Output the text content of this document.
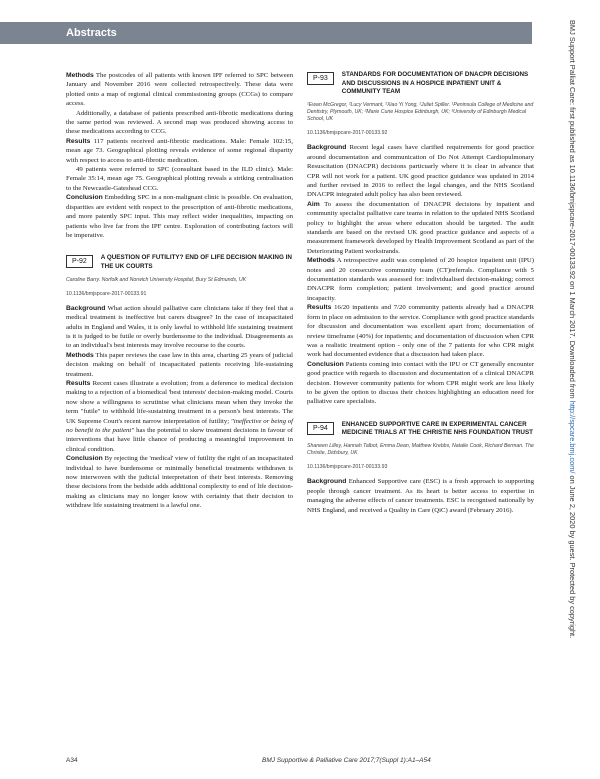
Abstracts

Methods The postcodes of all patients with known IPF referred to SPC between January and November 2016 were collected retrospectively. These data were plotted onto a map of regional clinical commissioning groups (CCGs) to compare access.

Additionally, a database of patients prescribed anti-fibrotic medications during the same period was reviewed. A second map was produced showing access to these medications according to CCG.

Results 117 patients received anti-fibrotic medications. Male: Female 102:15, mean age 73. Geographical plotting reveals evidence of some regional disparity with respect to access to anti-fibrotic medication.

49 patients were referred to SPC (consultant based in the ILD clinic). Male: Female 35:14, mean age 75. Geographical plotting reveals a striking centralisation to the Newcastle-Gateshead CCG.

Conclusion Embedding SPC in a non-malignant clinic is possible. On evaluation, disparities are evident with respect to the prescription of anti-fibrotic medications, and more patently SPC input. This may reflect wider inequalities, impacting on patients who live far from the IPF centre. Exploration of contributing factors will be imperative.

P-92
A QUESTION OF FUTILITY? END OF LIFE DECISION MAKING IN THE UK COURTS
Caroline Barry. Norfolk and Norwich University Hospital, Bury St Edmunds, UK
10.1136/bmjspcare-2017-00133.91

Background What action should palliative care clinicians take if they feel that a medical treatment is ineffective but carers disagree? In the case of incapacitated adults in England and Wales, it is only lawful to withhold life sustaining treatment is it is judged to be futile or overly burdensome to the individual. Disagreements as to an individual's best interests may involve recourse to the courts.

Methods This paper reviews the case law in this area, charting 25 years of judicial decision making on behalf of incapacitated patients receiving life-sustaining treatment.

Results Recent cases illustrate a evolution; from a deference to medical decision making to a rejection of a biomedical 'best interests' decision-making model. Courts now show a willingness to scrutinise what clinicians mean when they invoke the term "futile" to withhold life-sustaining treatment in a person's best interests. The UK Supreme Court's recent narrow interpretation of futility; "ineffective or being of no benefit to the patient" has the potential to skew treatment decisions in favour of interventions that have little chance of producing a meaningful improvement in clinical condition.

Conclusion By rejecting the 'medical' view of futility the right of an incapacitated individual to have burdensome or minimally beneficial treatments withdrawn is now interwoven with the judicial interpretation of their best interests. Removing these decisions from the bedside adds additional complexity to end of life decision-making as clinicians may no longer know with certainty that their decision to withdraw life sustaining treatment is a lawful one.

P-93
STANDARDS FOR DOCUMENTATION OF DNACPR DECISIONS AND DISCUSSIONS IN A HOSPICE INPATIENT UNIT & COMMUNITY TEAM
¹Ewan McGregor, ²Lucy Vermant, ²Xiao Yi Yong, ²Juliet Spiller. ¹Peninsula College of Medicine and Dentistry, Plymouth, UK; ²Marie Curie Hospice Edinburgh, UK; ³University of Edinburgh Medical School, UK
10.1136/bmjspcare-2017-00133.92

Background Recent legal cases have clarified requirements for good practice around documentation and communication of Do Not Attempt Cardiopulmonary Resuscitation (DNACPR) decisions particuarly where it is clear in advance that CPR will not work for a patient. UK good practice guidance was updated in 2014 and further revised in 2016 to reflect the legal changes, and the NHS Scotland DNACPR integrated adult policy has also been reviewed.

Aim To assess the documentation of DNACPR decisions by inpatient and community specialist palliative care teams in relation to the updated NHS Scotland policy to highlight the areas where education should be targeted. The audit standards are based on the revised UK good practice guidance and aspects of a measurement framework developed by Health Improvement Scotland as part of the Deteriorating Patient workstrands.

Methods A retrospective audit was completed of 20 hospice inpatient unit (IPU) notes and 20 consecutive community team (CT)referrals. Compliance with 5 documentation standards was assessed for: individualised decision-making; correct DNACPR form completion; patient involvement; and good practice around incapacity.

Results 16/20 inpatients and 7/20 community patients already had a DNACPR form in place on admission to the service. Compliance with good practice standards for discussion and documentation was excellent apart from; documentation of review timeframe (40%) for inpatients; and documentation of discussion when CPR was a realistic treatment option - only one of the 7 patients for who CPR might work had documented evidence that a discussion had taken place.

Conclusion Patients coming into contact with the IPU or CT generally encounter good practice with regards to discussion and documentation of a clinical DNACPR decision. However community patients for whom CPR might work are less likely to be given the option to discuss their choices highlighting an education need for palliative care specialists.

P-94
ENHANCED SUPPORTIVE CARE IN EXPERIMENTAL CANCER MEDICINE TRIALS AT THE CHRISTIE NHS FOUNDATION TRUST
Shaneen Lilley, Hannah Talbot, Emma Dean, Matthew Krebbs, Natalie Cook, Richard Berman. The Christie, Didsbury, UK
10.1136/bmjspcare-2017-00133.93

Background Enhanced Supportive care (ESC) is a fresh approach to supporting people through cancer treatment. As its heart is better access to expertise in managing the adverse effects of cancer treatments. ESC is recognised nationally by NHS England, and received a Quality in Care (QiC) award (February 2016).

BMJ Support Palliat Care: first published as 10.1136/bmjspcare-2017-00133.92 on 1 March 2017. Downloaded from http://spcare.bmj.com/ on June 2, 2020 by guest. Protected by copyright.
A34	BMJ Supportive & Palliative Care 2017;7(Suppl 1):A1–A54
